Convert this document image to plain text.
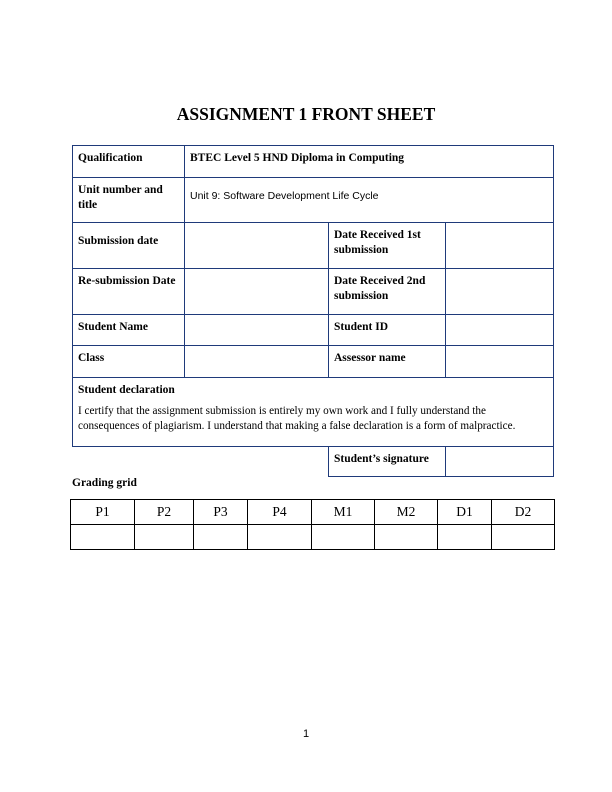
ASSIGNMENT 1 FRONT SHEET
Qualification	BTEC Level 5 HND Diploma in Computing		
Unit number and title	Unit 9: Software Development Life Cycle		
Submission date		Date Received 1st submission	
Re-submission Date		Date Received 2nd submission	
Student Name		Student ID	
Class		Assessor name	

Student declaration
I certify that the assignment submission is entirely my own work and I fully understand the consequences of plagiarism. I understand that making a false declaration is a form of malpractice.			

		Student’s signature	
Grading grid
P1	P2	P3	P4	M1	M2	D1	D2

1
